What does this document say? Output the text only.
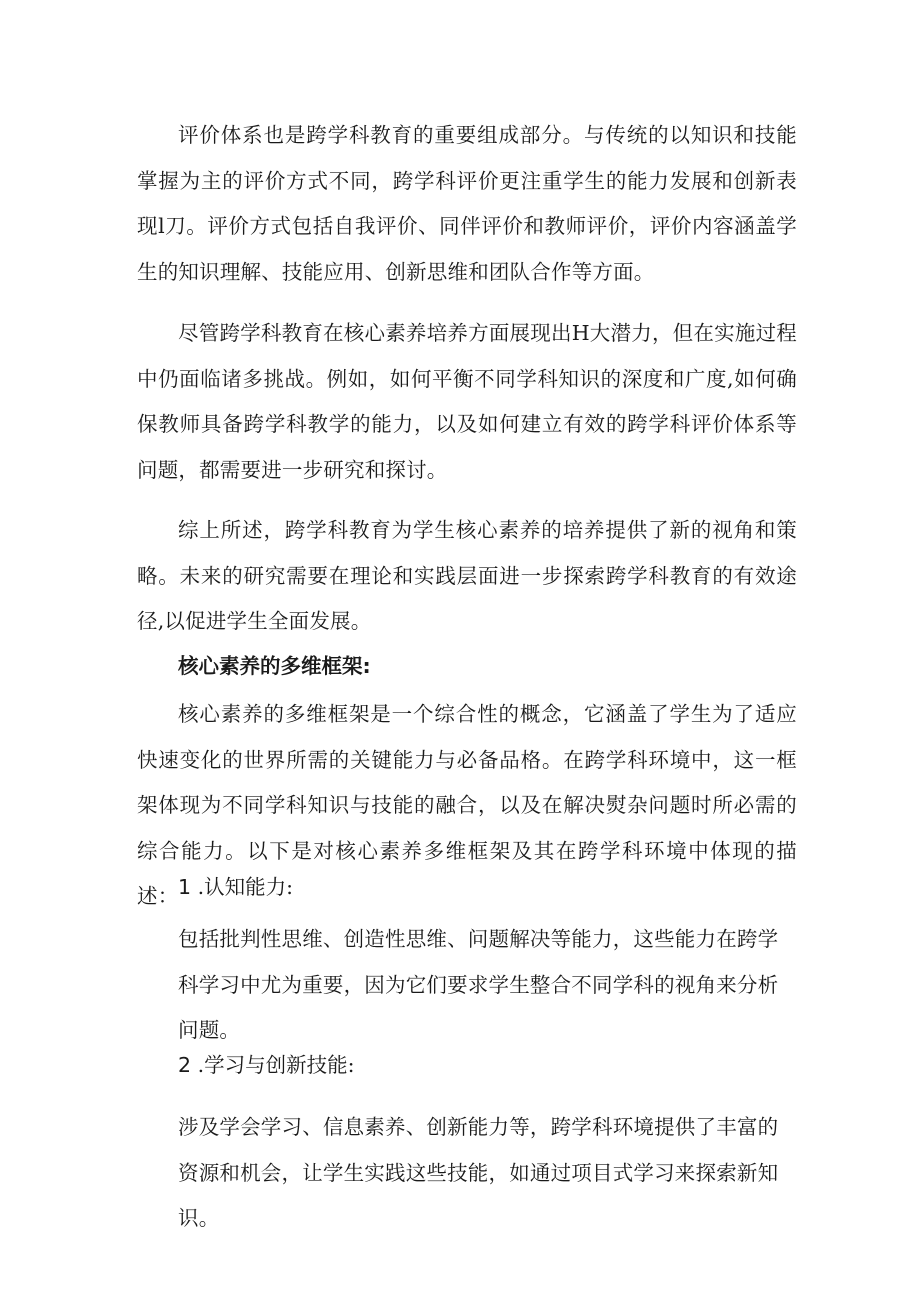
评价体系也是跨学科教育的重要组成部分。与传统的以知识和技能掌握为主的评价方式不同，跨学科评价更注重学生的能力发展和创新表现l刀。评价方式包括自我评价、同伴评价和教师评价，评价内容涵盖学生的知识理解、技能应用、创新思维和团队合作等方面。

尽管跨学科教育在核心素养培养方面展现出H大潜力，但在实施过程中仍面临诸多挑战。例如，如何平衡不同学科知识的深度和广度,如何确保教师具备跨学科教学的能力，以及如何建立有效的跨学科评价体系等问题，都需要进一步研究和探讨。

综上所述，跨学科教育为学生核心素养的培养提供了新的视角和策略。未来的研究需要在理论和实践层面进一步探索跨学科教育的有效途径,以促进学生全面发展。

核心素养的多维框架:

核心素养的多维框架是一个综合性的概念，它涵盖了学生为了适应快速变化的世界所需的关键能力与必备品格。在跨学科环境中，这一框架体现为不同学科知识与技能的融合，以及在解决熨杂问题时所必需的综合能力。以下是对核心素养多维框架及其在跨学科环境中体现的描述： 1 .认知能力:

包括批判性思维、创造性思维、问题解决等能力，这些能力在跨学科学习中尤为重要，因为它们要求学生整合不同学科的视角来分析问题。

2 .学习与创新技能:

涉及学会学习、信息素养、创新能力等，跨学科环境提供了丰富的资源和机会，让学生实践这些技能，如通过项目式学习来探索新知识。
